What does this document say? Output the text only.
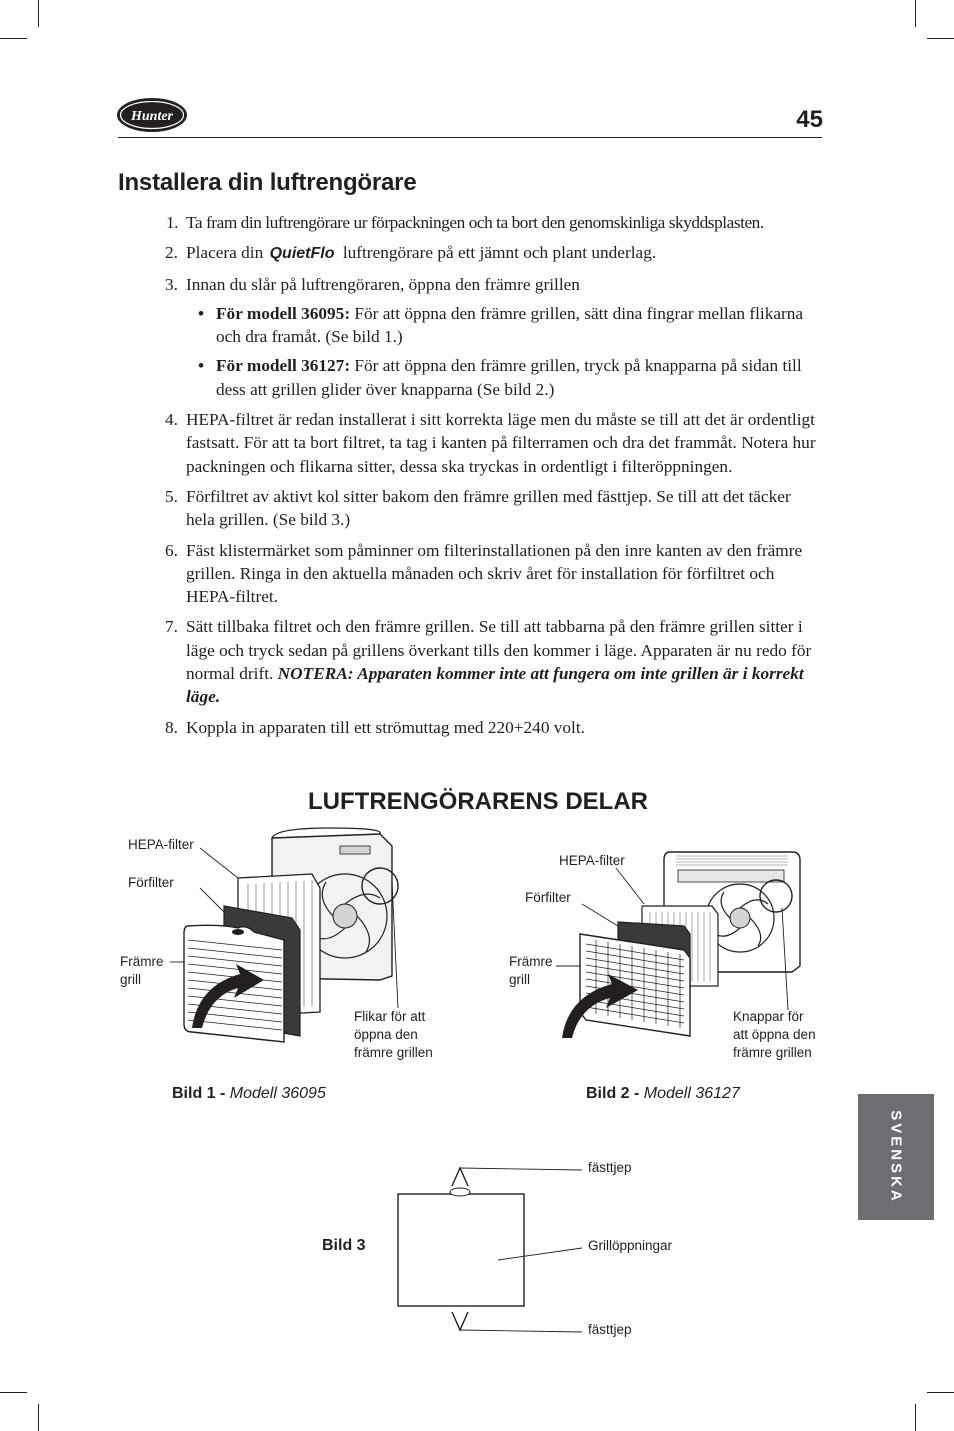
Hunter	45
Installera din luftrengörare
1. Ta fram din luftrengörare ur förpackningen och ta bort den genomskinliga skyddsplasten.
2. Placera din QuietFlo luftrengörare på ett jämnt och plant underlag.
3. Innan du slår på luftrengöraren, öppna den främre grillen
• För modell 36095: För att öppna den främre grillen, sätt dina fingrar mellan flikarna och dra framåt. (Se bild 1.)
• För modell 36127: För att öppna den främre grillen, tryck på knapparna på sidan till dess att grillen glider över knapparna (Se bild 2.)
4. HEPA-filtret är redan installerat i sitt korrekta läge men du måste se till att det är ordentligt fastsatt. För att ta bort filtret, ta tag i kanten på filterramen och dra det frammåt. Notera hur packningen och flikarna sitter, dessa ska tryckas in ordentligt i filteröppningen.
5. Förfiltret av aktivt kol sitter bakom den främre grillen med fästtjep. Se till att det täcker hela grillen. (Se bild 3.)
6. Fäst klistermärket som påminner om filterinstallationen på den inre kanten av den främre grillen. Ringa in den aktuella månaden och skriv året för installation för förfiltret och HEPA-filtret.
7. Sätt tillbaka filtret och den främre grillen. Se till att tabbarna på den främre grillen sitter i läge och tryck sedan på grillens överkant tills den kommer i läge. Apparaten är nu redo för normal drift. NOTERA: Apparaten kommer inte att fungera om inte grillen är i korrekt läge.
8. Koppla in apparaten till ett strömuttag med 220+240 volt.
LUFTRENGÖRARENS DELAR
HEPA-filter
Förfilter
Främre
grill
Flikar för att
öppna den
främre grillen
Bild 1 - Modell 36095
HEPA-filter
Förfilter
Främre
grill
Knappar för
att öppna den
främre grillen
Bild 2 - Modell 36127
Bild 3
fästtjep
Grillöppningar
fästtjep
SVENSKA
